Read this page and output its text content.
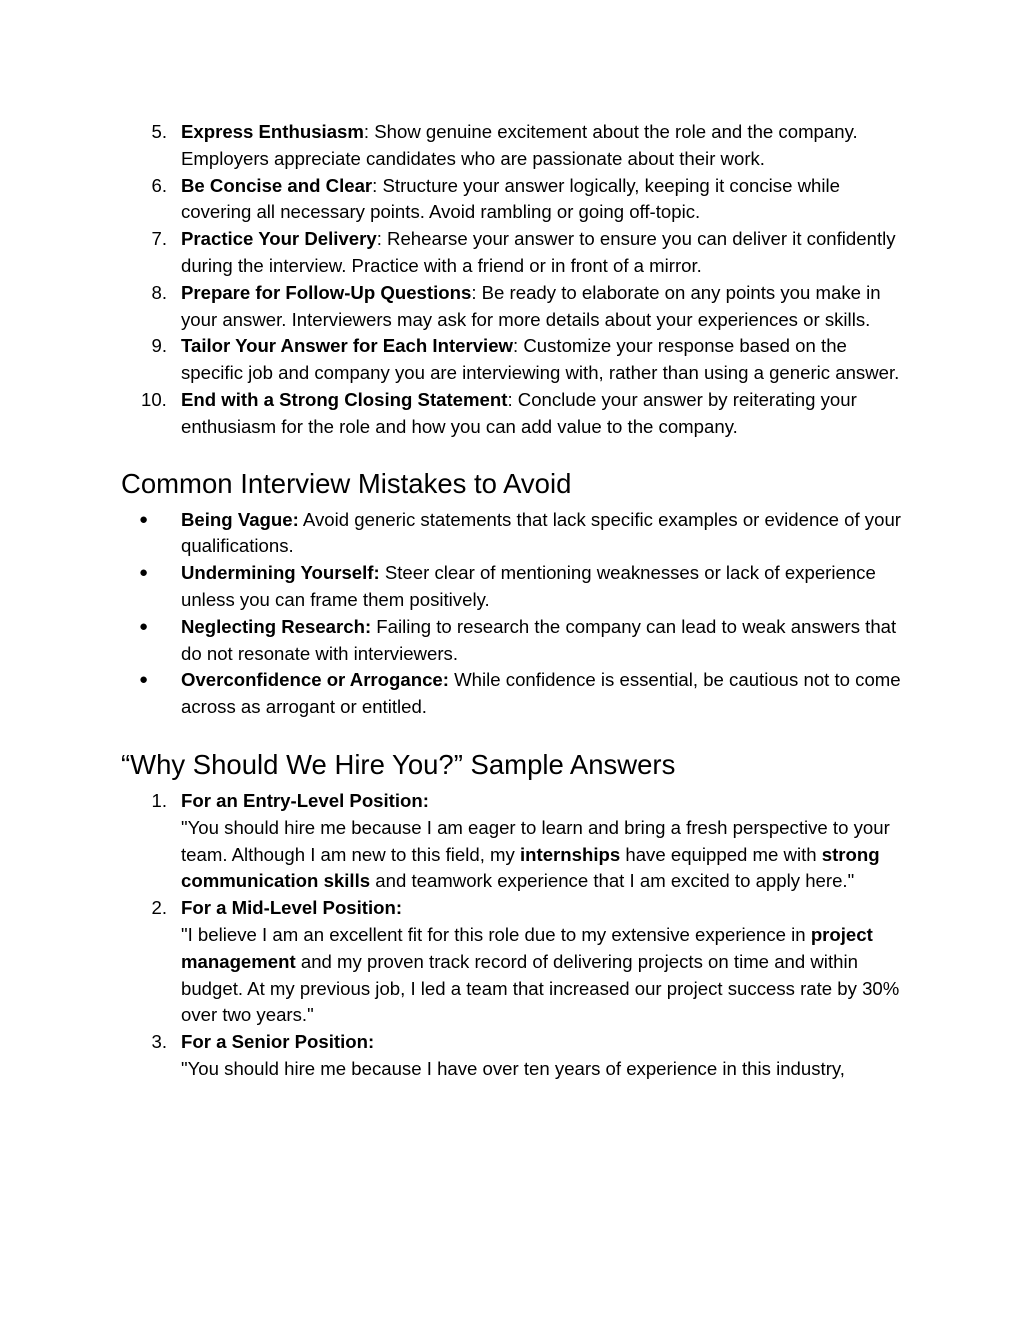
5. Express Enthusiasm: Show genuine excitement about the role and the company. Employers appreciate candidates who are passionate about their work.
6. Be Concise and Clear: Structure your answer logically, keeping it concise while covering all necessary points. Avoid rambling or going off-topic.
7. Practice Your Delivery: Rehearse your answer to ensure you can deliver it confidently during the interview. Practice with a friend or in front of a mirror.
8. Prepare for Follow-Up Questions: Be ready to elaborate on any points you make in your answer. Interviewers may ask for more details about your experiences or skills.
9. Tailor Your Answer for Each Interview: Customize your response based on the specific job and company you are interviewing with, rather than using a generic answer.
10. End with a Strong Closing Statement: Conclude your answer by reiterating your enthusiasm for the role and how you can add value to the company.
Common Interview Mistakes to Avoid
● Being Vague: Avoid generic statements that lack specific examples or evidence of your qualifications.
● Undermining Yourself: Steer clear of mentioning weaknesses or lack of experience unless you can frame them positively.
● Neglecting Research: Failing to research the company can lead to weak answers that do not resonate with interviewers.
● Overconfidence or Arrogance: While confidence is essential, be cautious not to come across as arrogant or entitled.
“Why Should We Hire You?” Sample Answers
1. For an Entry-Level Position:
"You should hire me because I am eager to learn and bring a fresh perspective to your team. Although I am new to this field, my internships have equipped me with strong communication skills and teamwork experience that I am excited to apply here."
2. For a Mid-Level Position:
"I believe I am an excellent fit for this role due to my extensive experience in project management and my proven track record of delivering projects on time and within budget. At my previous job, I led a team that increased our project success rate by 30% over two years."
3. For a Senior Position:
"You should hire me because I have over ten years of experience in this industry,
